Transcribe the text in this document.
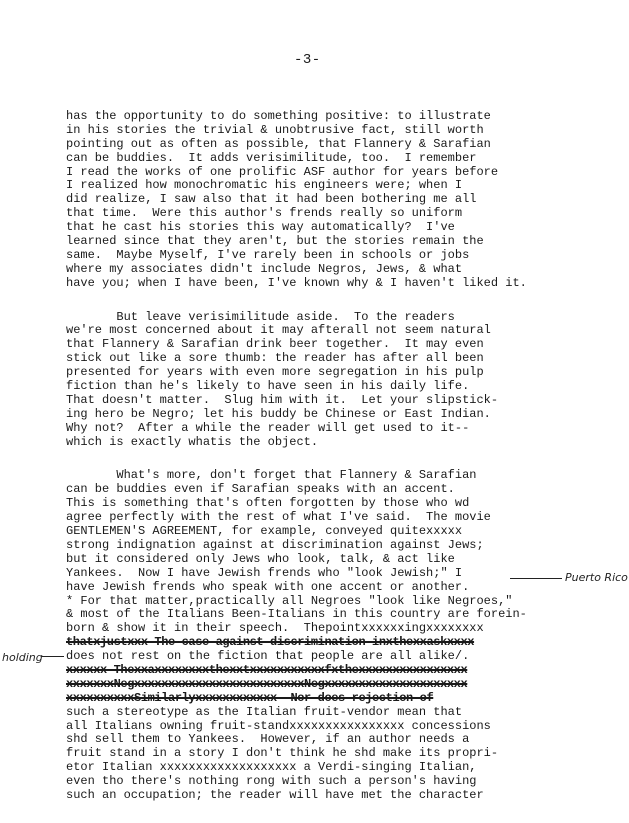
-3-
has the opportunity to do something positive: to illustrate
in his stories the trivial & unobtrusive fact, still worth
pointing out as often as possible, that Flannery & Sarafian
can be buddies.  It adds verisimilitude, too.  I remember
I read the works of one prolific ASF author for years before
I realized how monochromatic his engineers were; when I
did realize, I saw also that it had been bothering me all
that time.  Were this author's frends really so uniform
that he cast his stories this way automatically?  I've
learned since that they aren't, but the stories remain the
same.  Maybe Myself, I've rarely been in schools or jobs
where my associates didn't include Negros, Jews, & what
have you; when I have been, I've known why & I haven't liked it.
But leave verisimilitude aside.  To the readers
we're most concerned about it may afterall not seem natural
that Flannery & Sarafian drink beer together.  It may even
stick out like a sore thumb: the reader has after all been
presented for years with even more segregation in his pulp
fiction than he's likely to have seen in his daily life.
That doesn't matter.  Slug him with it.  Let your slipstick-
ing hero be Negro; let his buddy be Chinese or East Indian.
Why not?  After a while the reader will get used to it--
which is exactly whatis the object.
What's more, don't forget that Flannery & Sarafian
can be buddies even if Sarafian speaks with an accent.
This is something that's often forgotten by those who wd
agree perfectly with the rest of what I've said.  The movie
GENTLEMEN'S AGREEMENT, for example, conveyed quitexxxxx
strong indignation against at discrimination against Jews;
but it considered only Jews who look, talk, & act like
Yankees.  Now I have Jewish frends who "look Jewish;" I
have Jewish frends who speak with one accent or another.
* For that matter,practically all Negroes "look like Negroes,"
& most of the Italians Been-Italians in this country are forein-
born & show it in their speech.  Thepointxxxxxxingxxxxxxxx
thatxjustxxx The case against discrimination inxthexxaskxxxx
does not rest on the fiction that people are all alike/.
xxxxxx Thexxaxxxxxxxxthexxtxxxxxxxxxxxfxthexxxxxxxxxxxxxxxx
xxxxxxxNegxxxxxxxxxxxxxxxxxxxxxxxxxNegxxxxxxxxxxxxxxxxxxxxx
xxxxxxxxxxSimilarlyxxxxxxxxxxxx  Nor does rejection of
such a stereotype as the Italian fruit-vendor mean that
all Italians owning fruit-standxxxxxxxxxxxxxxxx concessions
shd sell them to Yankees.  However, if an author needs a
fruit stand in a story I don't think he shd make its propri-
etor Italian xxxxxxxxxxxxxxxxxxx a Verdi-singing Italian,
even tho there's nothing rong with such a person's having
such an occupation; the reader will have met the character
Puerto Rico
holding
